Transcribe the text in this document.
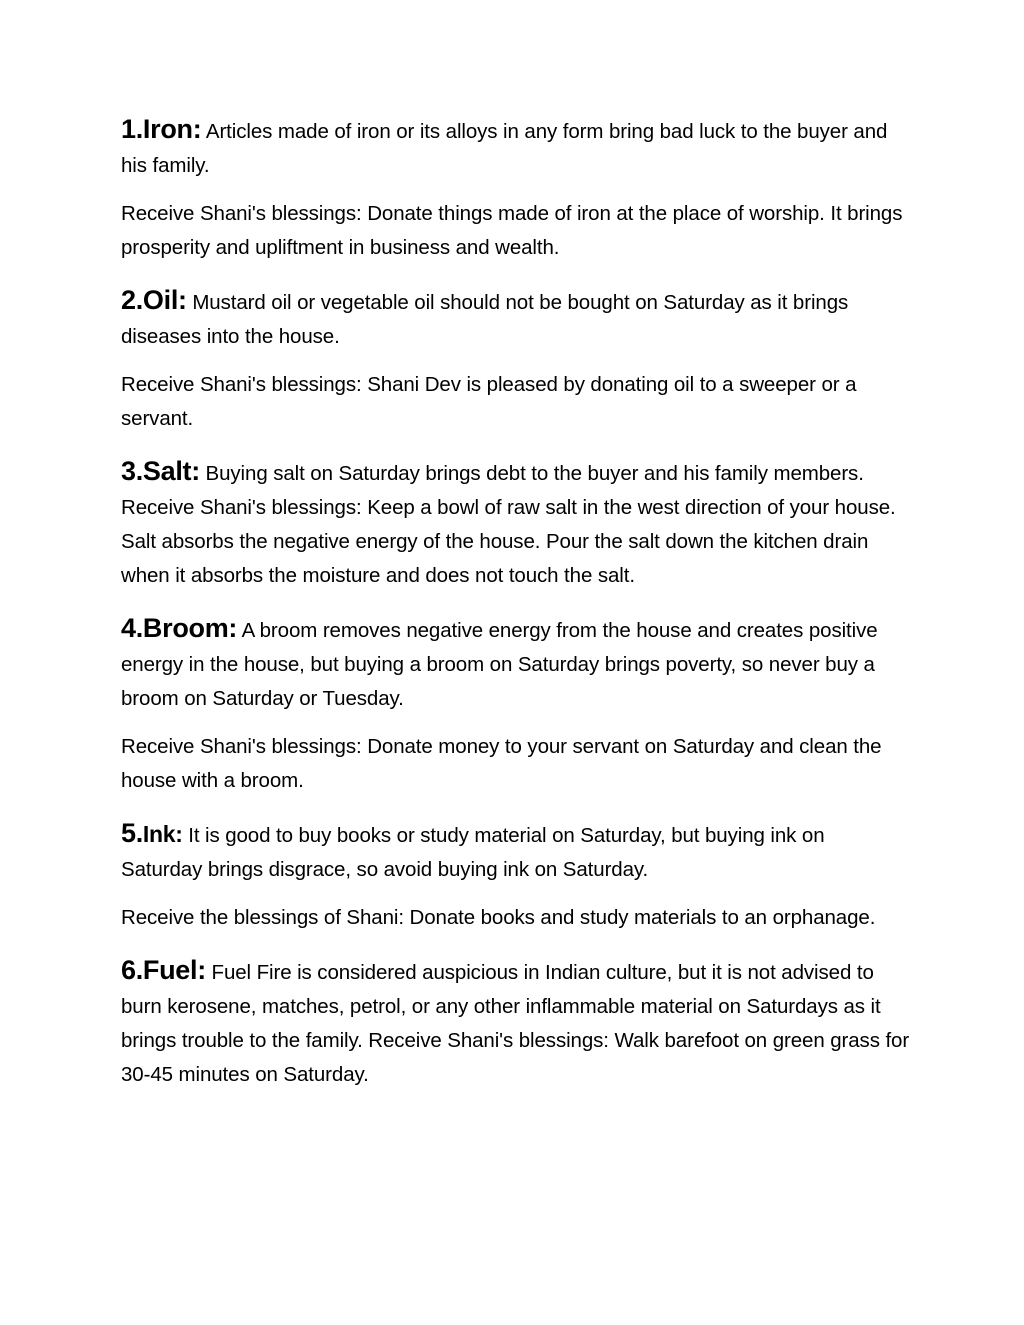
1.Iron: Articles made of iron or its alloys in any form bring bad luck to the buyer and his family.

Receive Shani's blessings: Donate things made of iron at the place of worship. It brings prosperity and upliftment in business and wealth.

2.Oil: Mustard oil or vegetable oil should not be bought on Saturday as it brings diseases into the house.

Receive Shani's blessings: Shani Dev is pleased by donating oil to a sweeper or a servant.

3.Salt: Buying salt on Saturday brings debt to the buyer and his family members. Receive Shani's blessings: Keep a bowl of raw salt in the west direction of your house. Salt absorbs the negative energy of the house. Pour the salt down the kitchen drain when it absorbs the moisture and does not touch the salt.

4.Broom: A broom removes negative energy from the house and creates positive energy in the house, but buying a broom on Saturday brings poverty, so never buy a broom on Saturday or Tuesday.

Receive Shani's blessings: Donate money to your servant on Saturday and clean the house with a broom.

5.Ink: It is good to buy books or study material on Saturday, but buying ink on Saturday brings disgrace, so avoid buying ink on Saturday.

Receive the blessings of Shani: Donate books and study materials to an orphanage.

6.Fuel: Fuel Fire is considered auspicious in Indian culture, but it is not advised to burn kerosene, matches, petrol, or any other inflammable material on Saturdays as it brings trouble to the family. Receive Shani's blessings: Walk barefoot on green grass for 30-45 minutes on Saturday.
